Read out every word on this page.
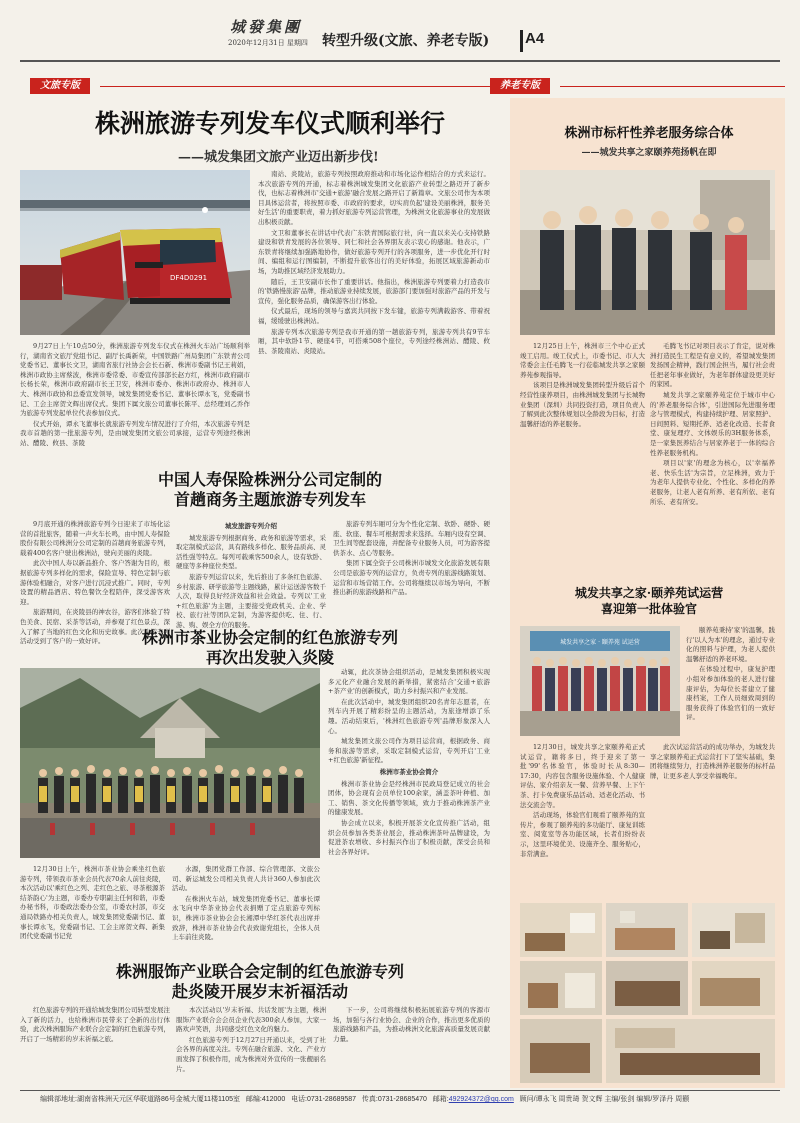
城發集團
2020年12月31日 星期四 转型升级(文旅、养老专版)	A4
文旅专版	养老专版
株洲旅游专列发车仪式顺利举行
——城发集团文旅产业迈出新步伐!
DF4D0291

9月27日上午10点50分，株洲旅游专列发车仪式在株洲火车站广场顺利举行，湖南省文旅厅党组书记、副厅长禹新荣，中国铁路广州局集团广东铁青公司党委书记、董事长文卫，湖南省旅行社协会会长石新、株洲市委副书记王莉娟，株洲市政协主席蔡波，株洲市委常委、市委宣传部部长赵方红，株洲市政府副市长杨长荣，株洲市政府副市长王卫安，株洲市委办、株洲市政府办、株洲市人大、株洲市政协和总委宣发领导，城发集团党委书记、董事长谭永飞，党委副书记、工会主席贺文辉出席仪式。集团下属文旅公司董事长陈平、总经理刘乙乔作为旅游专列发起单位代表参加仪式。

仪式开始，谭永飞董事长就旅游专列发车情况进行了介绍，本次旅游专列是我市首趟的第一批旅游专列，是由城发集团文旅公司承接，运营专列途经株洲站、醴陵、攸县、茶陵

南站、炎陵站，旅游专列按照政府推动和市场化运作相结合的方式来运行。本次旅游专列的开通，标志着株洲城发集团文化旅游产业转型之路迈开了新步伐，也标志着株洲市'交通+旅游'融合发展之路开启了新篇章。文旅公司作为本项目具体运营者，将按照市委、市政府的要求，切实肩负起'建设美丽株洲，服务美好生活'的重要职责，着力抓好旅游专列运营管理，为株洲文化旅游事业的发展做出积极贡献。

文卫和董事长在讲话中代表广东铁青国际旅行社，向一直以来关心支持铁路建设和铁青发展的各位领导、同仁和社会各界朋友表示衷心的感谢。他表示，广东铁青将继续加强路地协作，做好旅游专列开行的各项服务，进一步优化开行时间、编组和运行图编制，不断提升旅客出行的美好体验，拓展区域旅游新动市场，为助推区域经济发展助力。

随后，王卫安副市长作了重要讲话。他指出，株洲旅游专列要着力打造我市的'铁路慢旅游'品牌，推动旅游业持续发展，旅游部门要加强对旅游产品的开发与宣传，强化服务品质，确保游客出行体验。

仪式最后，现场的领导与嘉宾共同按下发车键，旅游专列满载游客、带着祝福，缓缓驶出株洲站。

旅游专列本次旅游专列是我市开通的第一趟旅游专列，旅游专列共有9节车厢，其中软卧1节、硬座4节，可搭乘508个座位，专列途经株洲站、醴陵、攸县、茶陵南站、炎陵站。

中国人寿保险株洲分公司定制的
首趟商务主题旅游专列发车

9月底开通的株洲旅游专列今日迎来了市场化运营的首批旅客，随着一声火车长鸣，由中国人寿保险股份有限公司株洲分公司定制的首趟商务旅游专列，载着400名客户驶出株洲站，驶向美丽的炎陵。

此次中国人寿以新品推介、客户答谢为目的，根据旅游专列多样化的需求，保险宣导、特色定制与旅游体验相融合，对客户进行沉浸式推广。同时，专列设置的精品酒店、特色餐饮全程陪伴，深受游客欢迎。

旅游期间，在炎陵县的神农谷，游客们体验了特色美食、民宿、采茶等活动，并参观了红色景点，深入了解了当地的红色文化和历史故事。此次旅游专列活动受到了客户的一致好评。

城发旅游专列介绍

城发旅游专列根据商务、政务和旅游等需求，采取定制模式运营，具有路线多样化、服务品质高、灵活性强等特点。每列可载乘客500余人，设有软卧、硬座等多种座位类型。

旅游专列运营以来，先后推出了多条红色旅游、乡村旅游、研学旅游等主题线路，累计运送游客数千人次，取得良好经济效益和社会效益。专列以'工业+红色旅游'为主题，主要接受党政机关、企业、学校、旅行社等团队定制，为游客提供吃、住、行、游、购、娱全方位的服务。

旅游专列车厢可分为个性化定制、软卧、硬卧、硬座、软座、餐车可根据需求来选择。车厢内设有空调、卫生间等配套设施，并配备专业服务人员，可为游客提供茶水、点心等服务。

集团下属全资子公司株洲市城发文化旅游发展有限公司是旅游专列的运营方，负责专列的旅游线路策划、运营和市场营销工作。公司将继续以市场为导向，不断推出新的旅游线路和产品。

株洲市茶业协会定制的红色旅游专列
再次出发驶入炎陵

动辄，此次茶协会组织活动，是城发集团积极实现多元化产业融合发展的新举措，紧密结合'交通+旅游+茶产业'的创新模式，助力乡村振兴和产业发展。

在此次活动中，城发集团组织20名青年志愿者，在列车内开展了精彩纷呈的主题活动，为旅途增添了乐趣。活动结束后，'株洲红色旅游专列'品牌形象深入人心。

城发集团文旅公司作为项目运营商，根据政务、商务和旅游等需求，采取定制模式运营，专列开启'工业+红色旅游'新征程。

株洲市茶业协会简介

株洲市茶业协会是经株洲市民政局登记成立的社会团体，协会现有会员单位100余家，涵盖茶叶种植、加工、销售、茶文化传播等领域，致力于推动株洲茶产业的健康发展。

协会成立以来，积极开展茶文化宣传推广活动，组织会员参加各类茶业展会，推动株洲茶叶品牌建设，为促进茶农增收、乡村振兴作出了积极贡献，深受会员和社会各界好评。

12月30日上午，株洲市茶业协会乘坐红色旅游专列，带领我市茶业会员代表70余人前往炎陵，本次活动以'乘红色之列、走红色之旅、寻茶根源茶结茶韵心'为主题，市委办专职副主任何和谐，市委办秘书科，市委政法委办公室，市委农村部，市交通局铁路办相关负责人，城发集团党委副书记、董事长谭永飞，党委副书记、工会主席贺文辉、新集团代党委副书记党

水源，集团党群工作部、综合管理部、文旅公司、新运城发公司相关负责人共计360人参加此次活动。

在株洲火车站，城发集团党委书记、董事长谭永飞向中华茶业协会代表捐赠了定点旅游专列标识，株洲市茶业协会会长湘潭中华红茶代表出席并致辞，株洲市茶业协会代表致谢党组长，全体人员上车前往炎陵。

株洲服饰产业联合会定制的红色旅游专列
赴炎陵开展岁末祈福活动

红色旅游专列的开通给城发集团公司转型发展注入了新的活力，也给株洲市民带来了全新的出行体验，此次株洲服饰产业联合会定制的红色旅游专列，开启了一场精彩的岁末祈福之旅。

本次活动以'岁末祈福、共话发展'为主题，株洲服饰产业联合会会员企业代表300余人参加，大家一路欢声笑语，共同感受红色文化的魅力。

红色旅游专列于12月27日开通以来，受到了社会各界的高度关注。专列在融合旅游、文化、产业方面发挥了积极作用，成为株洲对外宣传的一张靓丽名片。

下一步，公司将继续积极拓展旅游专列的客源市场，加强与各行业协会、企业的合作，推出更多优质的旅游线路和产品，为推动株洲文化旅游高质量发展贡献力量。

株洲市标杆性养老服务综合体
——城发共享之家颐养苑扬帆在即

12月25日上午，株洲市三个中心正式竣工启用。竣工仪式上，市委书记、市人大常委会主任毛腾飞一行莅临城发共享之家颐养苑参观指导。

该项目是株洲城发集团转型升级后首个经营性康养项目，由株洲城发集团与长城物业集团（深圳）共同投资打造，项目负责人了解到此次整体规划以全龄段为目标，打造温馨舒适的养老服务。

毛腾飞书记对项目表示了肯定，说对株洲打造民生工程是有意义的，希望城发集团发扬国企精神，践行国企担当，履行社会责任把老年事业做好，为老年群体建设更美好的家园。

城发共享之家颐养苑定位于城市中心的'养老服务综合体'，引进国际先进服务理念与管理模式，构建持续护理、居家照护、日间照料、短期托养、适老化改造、长者食堂、康复理疗、文体娱乐的3H服务体系，是一家集医养结合与居家养老于一体的综合性养老服务机构。

项目以'家'的理念为核心，以'幸福养老、快乐生活'为宗旨，立足株洲，致力于为老年人提供专业化、个性化、多样化的养老服务，让老人老有所养、老有所依、老有所乐、老有所安。

城发共享之家·颐养苑试运营
喜迎第一批体验官
城发共享之家 · 颐养苑 试运营

颐养苑秉持'家'的温馨，践行'以人为本'的理念，通过专业化的照料与护理，为老人提供温馨舒适的养老环境。

在体验过程中，康复护理小组对参加体验的老人进行健康评估，为每位长者建立了健康档案，工作人员细致周到的服务获得了体验官们的一致好评。

12月30日，城发共享之家颐养苑正式试运营，籍将多日，终于迎来了第一批'99'名体验官，体验时长从8:30—17:30，内容包含服务设施体验、个人健康评估、家介绍亲友一餐、营养早餐、上下午茶、打卡免费康乐品活动、适老化活动、书法交流会等。

活动现场，体验官们观看了颐养苑的宣传片，参观了颐养苑的多功能厅、康复训练室、阅览室等各功能区域，长者们纷纷表示，这里环境优美、设施齐全、服务贴心，非常满意。

此次试运营活动的成功举办，为城发共享之家颐养苑正式运营打下了坚实基础，集团将继续努力，打造株洲养老服务的标杆品牌，让更多老人享受幸福晚年。

编辑部地址:湖南省株洲天元区华联道路86号金城大厦11楼1105室 邮编:412000 电话:0731-28689587 传真:0731-28685470 邮箱:492924372@qq.com 顾问/谭永飞 周贵琦 贺文辉 主编/张剑 编辑/罗泽丹 周颢
